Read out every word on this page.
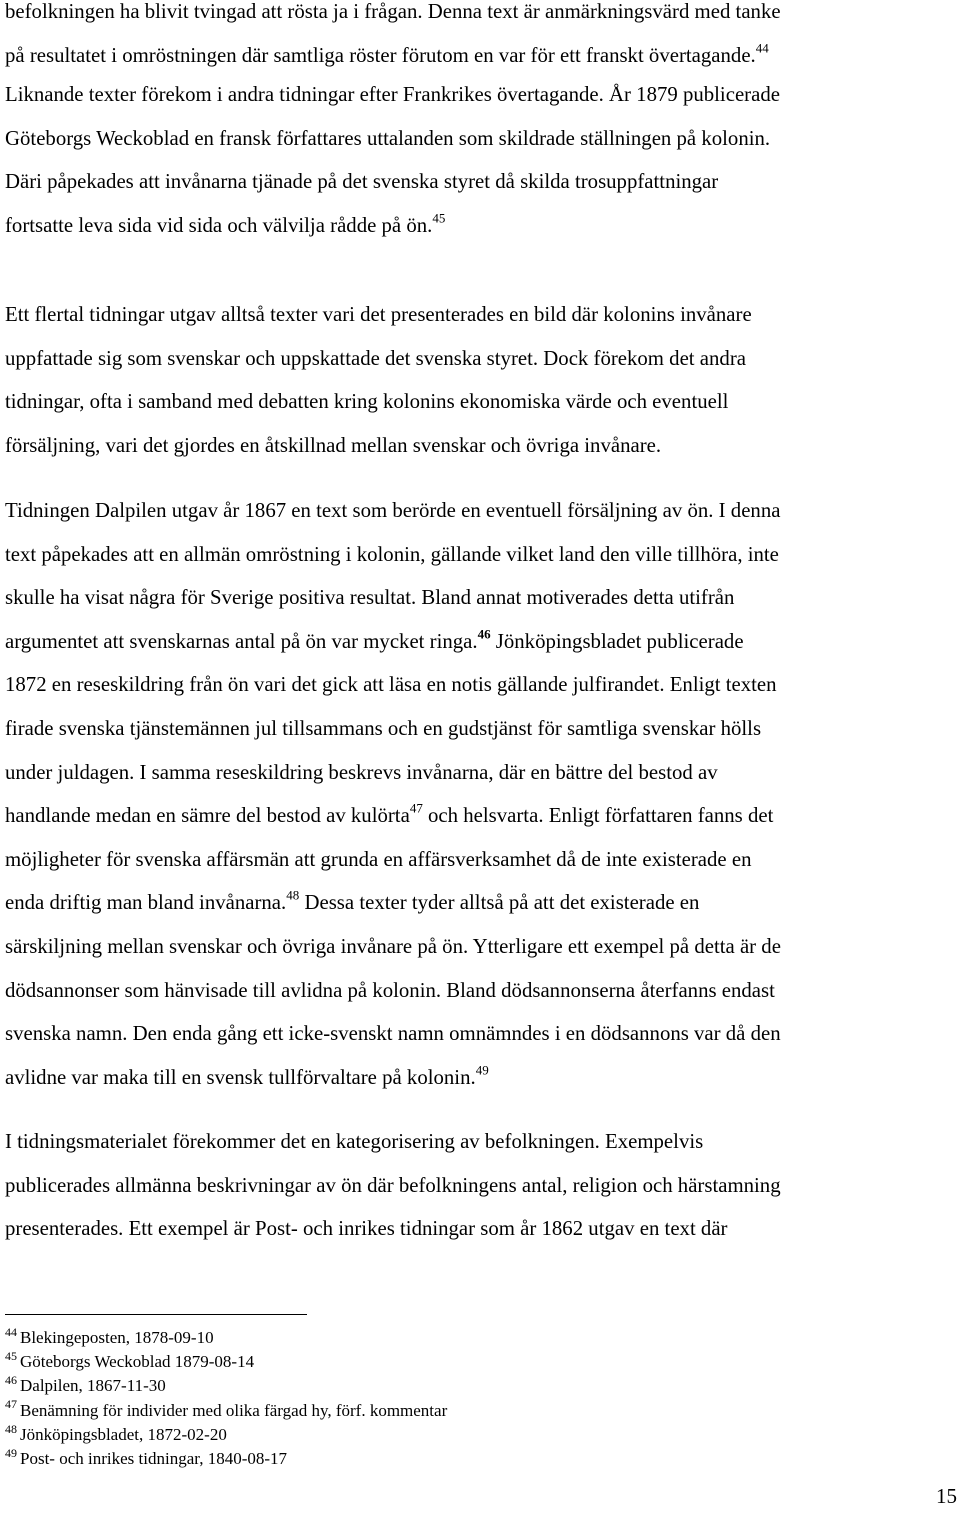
befolkningen ha blivit tvingad att rösta ja i frågan. Denna text är anmärkningsvärd med tanke
på resultatet i omröstningen där samtliga röster förutom en var för ett franskt övertagande.$^{44}$

Liknande texter förekom i andra tidningar efter Frankrikes övertagande. År 1879 publicerade
Göteborgs Weckoblad en fransk författares uttalanden som skildrade ställningen på kolonin.
Däri påpekades att invånarna tjänade på det svenska styret då skilda trosuppfattningar
fortsatte leva sida vid sida och välvilja rådde på ön.$^{45}$

Ett flertal tidningar utgav alltså texter vari det presenterades en bild där kolonins invånare
uppfattade sig som svenskar och uppskattade det svenska styret. Dock förekom det andra
tidningar, ofta i samband med debatten kring kolonins ekonomiska värde och eventuell
försäljning, vari det gjordes en åtskillnad mellan svenskar och övriga invånare.

Tidningen Dalpilen utgav år 1867 en text som berörde en eventuell försäljning av ön. I denna
text påpekades att en allmän omröstning i kolonin, gällande vilket land den ville tillhöra, inte
skulle ha visat några för Sverige positiva resultat. Bland annat motiverades detta utifrån
argumentet att svenskarnas antal på ön var mycket ringa.$^{46}$ Jönköpingsbladet publicerade
1872 en reseskildring från ön vari det gick att läsa en notis gällande julfirandet. Enligt texten
firade svenska tjänstemännen jul tillsammans och en gudstjänst för samtliga svenskar hölls
under juldagen. I samma reseskildring beskrevs invånarna, där en bättre del bestod av
handlande medan en sämre del bestod av kulörta$^{47}$ och helsvarta. Enligt författaren fanns det
möjligheter för svenska affärsmän att grunda en affärsverksamhet då de inte existerade en
enda driftig man bland invånarna.$^{48}$ Dessa texter tyder alltså på att det existerade en
särskiljning mellan svenskar och övriga invånare på ön. Ytterligare ett exempel på detta är de
dödsannonser som hänvisade till avlidna på kolonin. Bland dödsannonserna återfanns endast
svenska namn. Den enda gång ett icke-svenskt namn omnämndes i en dödsannons var då den
avlidne var maka till en svensk tullförvaltare på kolonin.$^{49}$

I tidningsmaterialet förekommer det en kategorisering av befolkningen. Exempelvis
publicerades allmänna beskrivningar av ön där befolkningens antal, religion och härstamning
presenterades. Ett exempel är Post- och inrikes tidningar som år 1862 utgav en text där

$^{44}$ Blekingeposten, 1878-09-10
$^{45}$ Göteborgs Weckoblad 1879-08-14
$^{46}$ Dalpilen, 1867-11-30
$^{47}$ Benämning för individer med olika färgad hy, förf. kommentar
$^{48}$ Jönköpingsbladet, 1872-02-20
$^{49}$ Post- och inrikes tidningar, 1840-08-17
15
